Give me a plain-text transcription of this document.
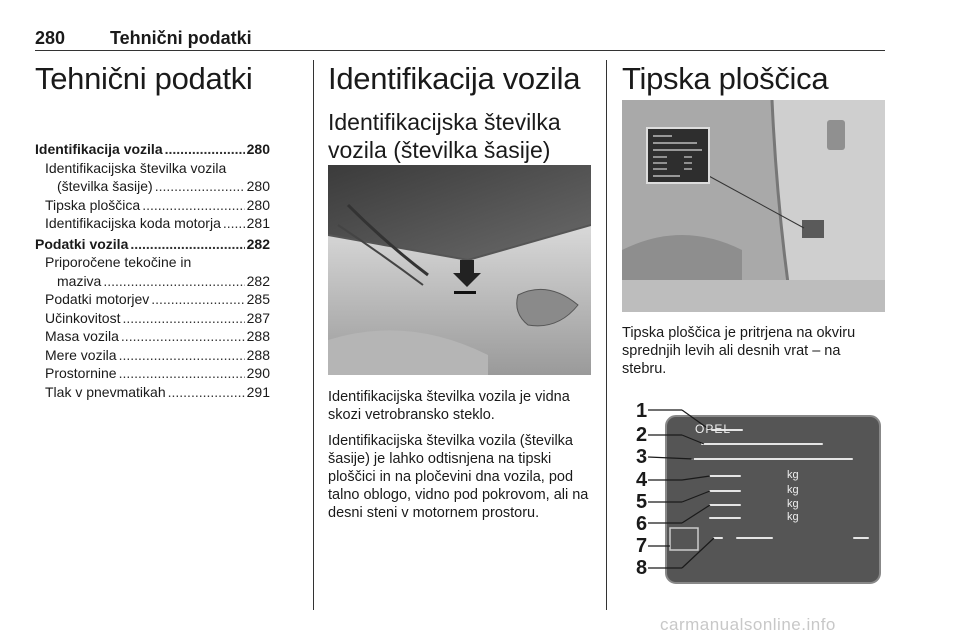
280 Tehnični podatki
Tehnični podatki
Identifikacija vozila .....	280
Identifikacijska številka vozila
(številka šasije) .....	280
Tipska ploščica .....	280
Identifikacijska koda motorja ..... 281
Podatki vozila .....	282
Priporočene tekočine in
maziva .....	282
Podatki motorjev .....	285
Učinkovitost .....	287
Masa vozila .....	288
Mere vozila .....	288
Prostornine .....	290
Tlak v pnevmatikah .....	291
Identifikacija vozila
Identifikacijska številka
vozila (številka šasije)

Identifikacijska številka vozila je vidna skozi vetrobransko steklo.

Identifikacijska številka vozila (številka šasije) je lahko odtisnjena na tipski ploščici in na pločevini dna vozila, pod talno oblogo, vidno pod pokrovom, ali na desni steni v motornem prostoru.

Tipska ploščica

Tipska ploščica je pritrjena na okviru sprednjih levih ali desnih vrat – na stebru.

OPEL
kg
kg
kg
kg
1
2
3
4
5
6
7
8
carmanualsonline.info
